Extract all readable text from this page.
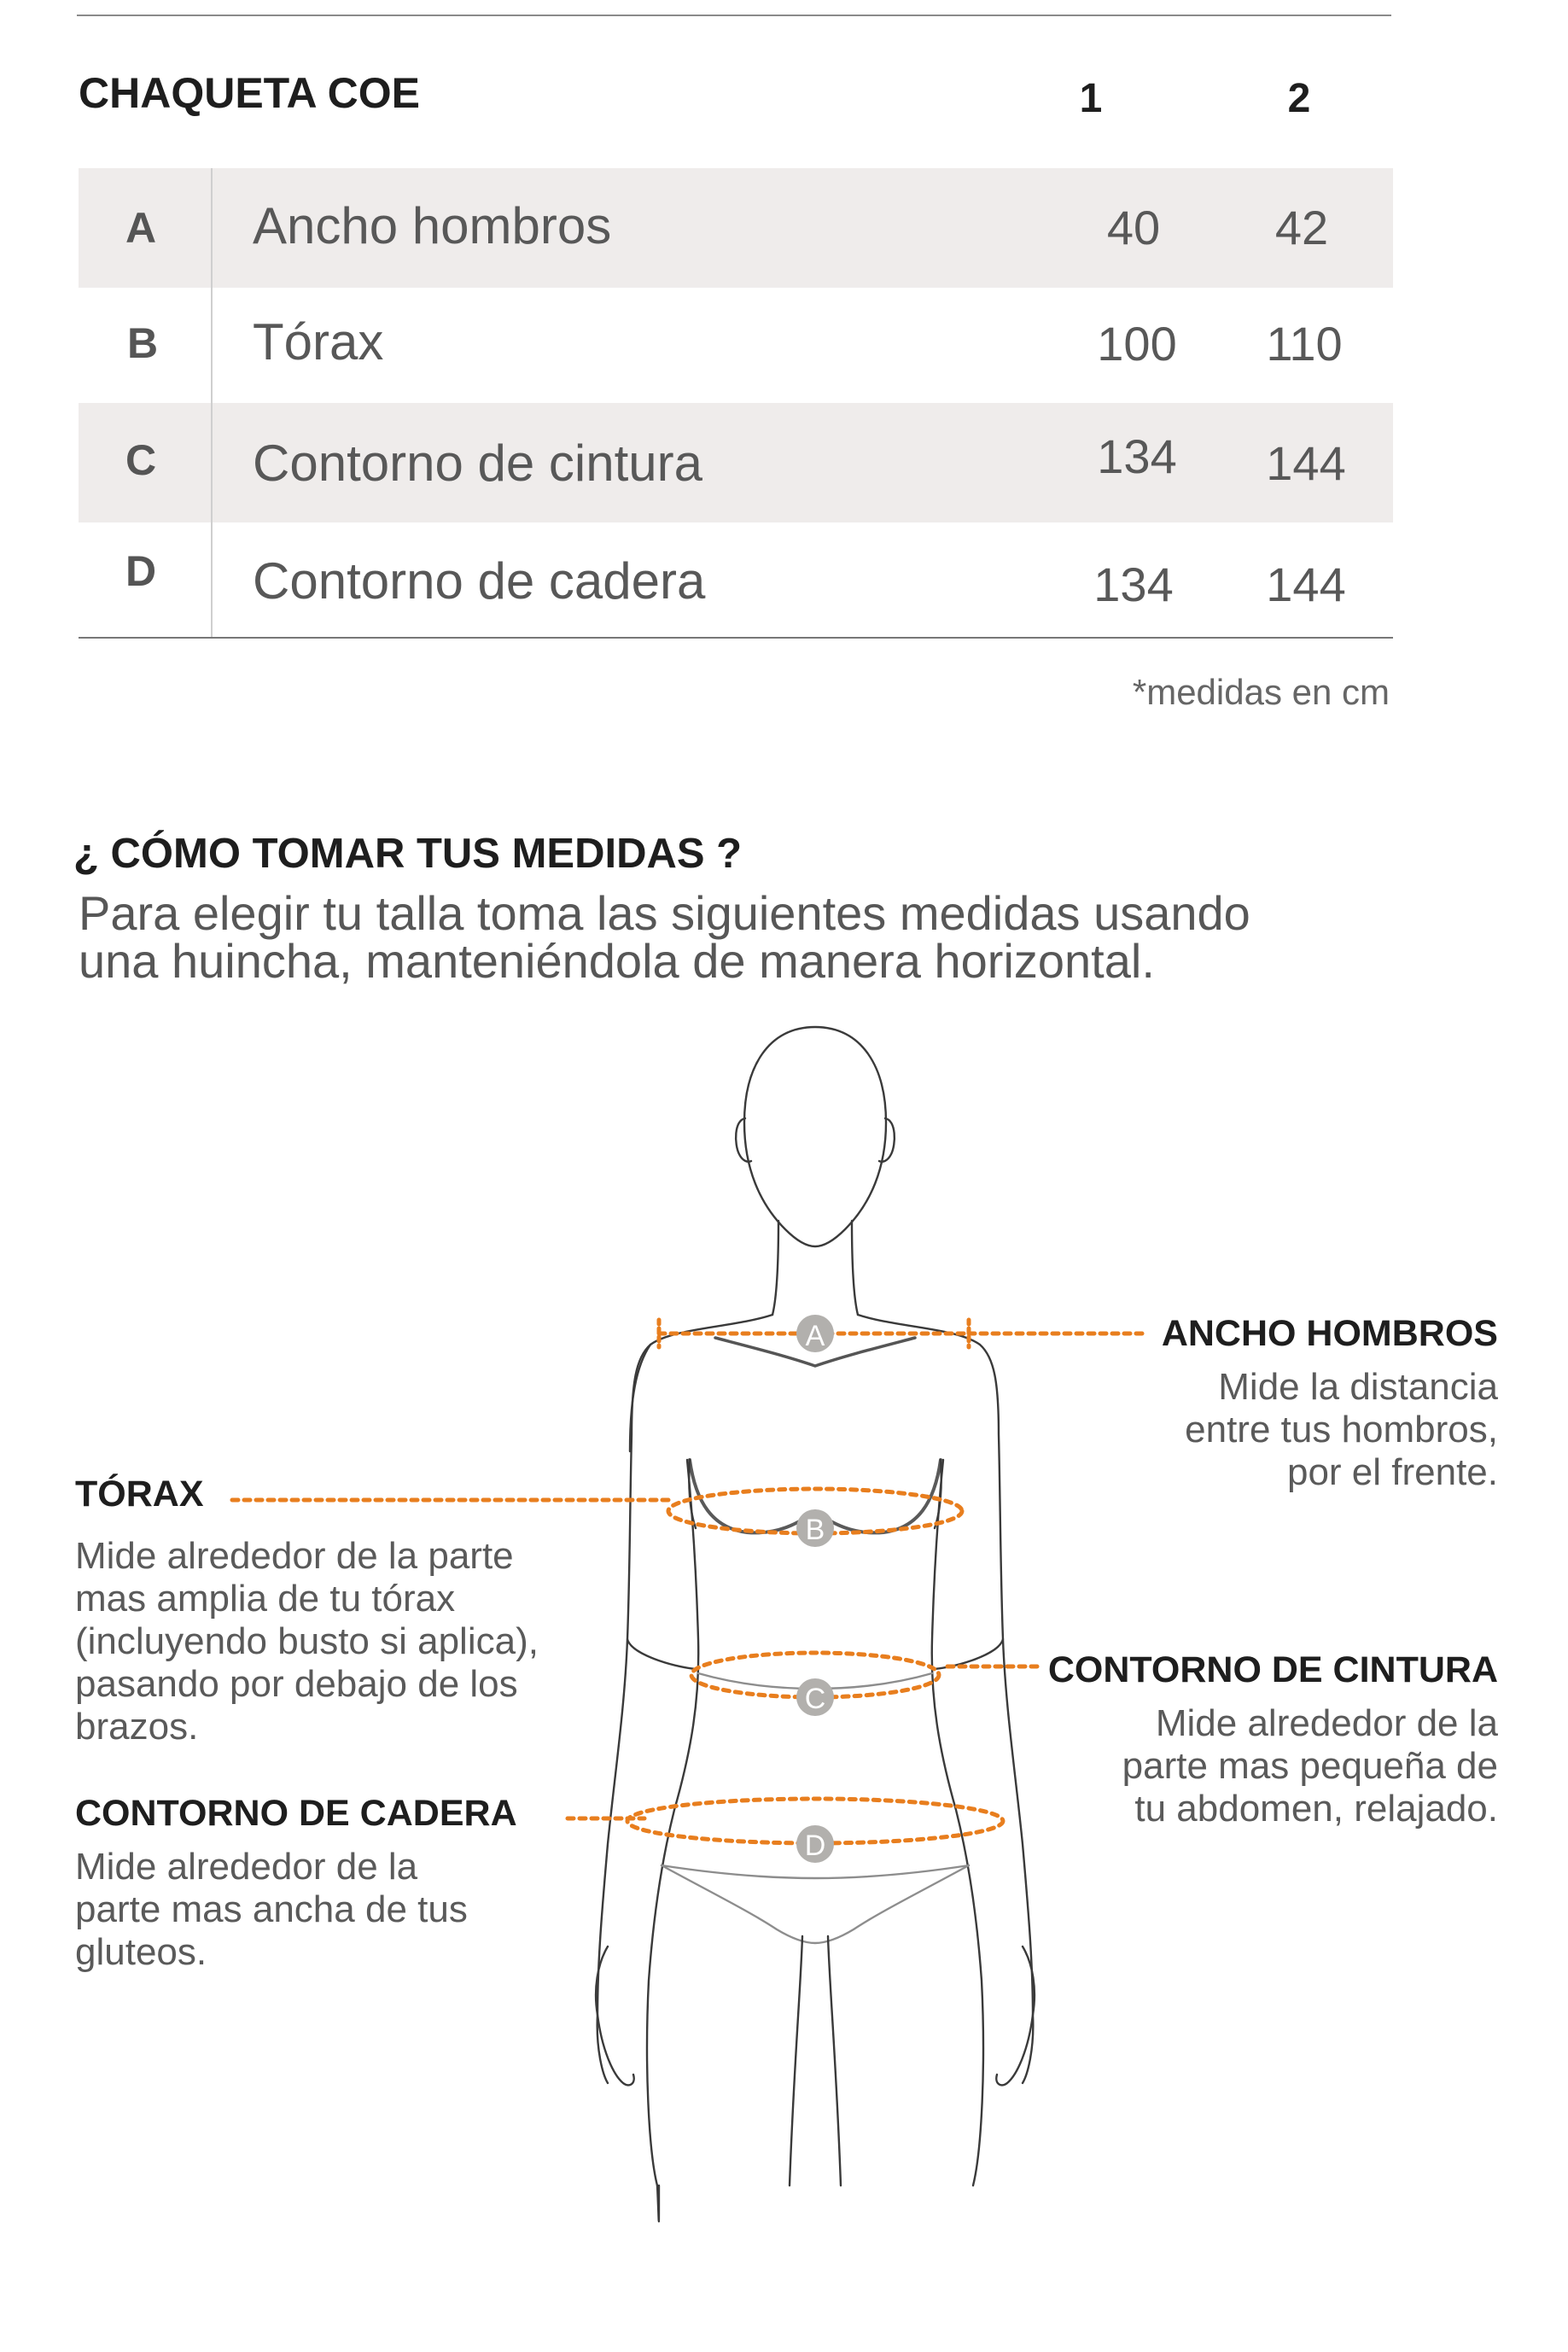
CHAQUETA COE	1	2
A	Ancho hombros	40	42
B	Tórax	100	110
C	Contorno de cintura	134	144
D	Contorno de cadera	134	144
*medidas en cm
¿ CÓMO TOMAR TUS MEDIDAS ?
Para elegir tu talla toma las siguientes medidas usando
una huincha, manteniéndola de manera horizontal.
ANCHO HOMBROS
Mide la distancia
entre tus hombros,
por el frente.
TÓRAX
Mide alrededor de la parte
mas amplia de tu tórax
(incluyendo busto si aplica),
pasando por debajo de los
brazos.
CONTORNO DE CINTURA
Mide alrededor de la
parte mas pequeña de
tu abdomen, relajado.
CONTORNO DE CADERA
Mide alrededor de la
parte mas ancha de tus
gluteos.
A
B
C
D
